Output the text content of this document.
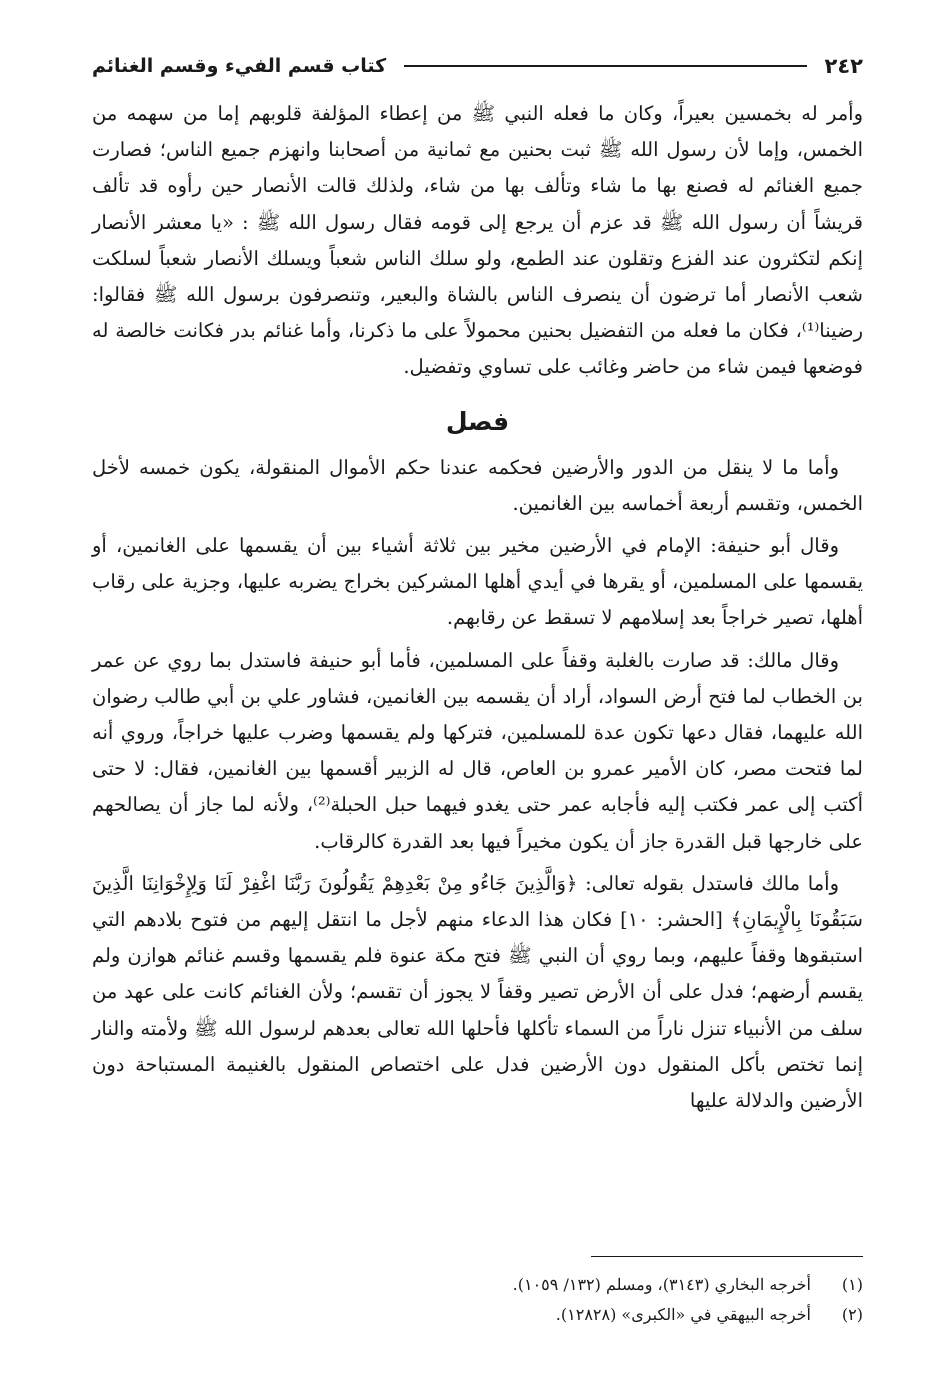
٢٤٢
كتاب قسم الفيء وقسم الغنائم

وأمر له بخمسين بعيراً، وكان ما فعله النبي ﷺ من إعطاء المؤلفة قلوبهم إما من سهمه من الخمس، وإما لأن رسول الله ﷺ ثبت بحنين مع ثمانية من أصحابنا وانهزم جميع الناس؛ فصارت جميع الغنائم له فصنع بها ما شاء وتألف بها من شاء، ولذلك قالت الأنصار حين رأوه قد تألف قريشاً أن رسول الله ﷺ قد عزم أن يرجع إلى قومه فقال رسول الله ﷺ : «يا معشر الأنصار إنكم لتكثرون عند الفزع وتقلون عند الطمع، ولو سلك الناس شعباً ويسلك الأنصار شعباً لسلكت شعب الأنصار أما ترضون أن ينصرف الناس بالشاة والبعير، وتنصرفون برسول الله ﷺ فقالوا: رضينا⁽¹⁾، فكان ما فعله من التفضيل بحنين محمولاً على ما ذكرنا، وأما غنائم بدر فكانت خالصة له فوضعها فيمن شاء من حاضر وغائب على تساوي وتفضيل.

فصل

وأما ما لا ينقل من الدور والأرضين فحكمه عندنا حكم الأموال المنقولة، يكون خمسه لأخل الخمس، وتقسم أربعة أخماسه بين الغانمين.

وقال أبو حنيفة: الإمام في الأرضين مخير بين ثلاثة أشياء بين أن يقسمها على الغانمين، أو يقسمها على المسلمين، أو يقرها في أيدي أهلها المشركين بخراج يضربه عليها، وجزية على رقاب أهلها، تصير خراجاً بعد إسلامهم لا تسقط عن رقابهم.

وقال مالك: قد صارت بالغلبة وقفاً على المسلمين، فأما أبو حنيفة فاستدل بما روي عن عمر بن الخطاب لما فتح أرض السواد، أراد أن يقسمه بين الغانمين، فشاور علي بن أبي طالب رضوان الله عليهما، فقال دعها تكون عدة للمسلمين، فتركها ولم يقسمها وضرب عليها خراجاً، وروي أنه لما فتحت مصر، كان الأمير عمرو بن العاص، قال له الزبير أقسمها بين الغانمين، فقال: لا حتى أكتب إلى عمر فكتب إليه فأجابه عمر حتى يغدو فيهما حبل الحبلة⁽²⁾، ولأنه لما جاز أن يصالحهم على خارجها قبل القدرة جاز أن يكون مخيراً فيها بعد القدرة كالرقاب.

وأما مالك فاستدل بقوله تعالى: ﴿وَالَّذِينَ جَاءُو مِنْ بَعْدِهِمْ يَقُولُونَ رَبَّنَا اغْفِرْ لَنَا وَلِإِخْوَانِنَا الَّذِينَ سَبَقُونَا بِالْإِيمَانِ﴾ [الحشر: ١٠] فكان هذا الدعاء منهم لأجل ما انتقل إليهم من فتوح بلادهم التي استبقوها وقفاً عليهم، وبما روي أن النبي ﷺ فتح مكة عنوة فلم يقسمها وقسم غنائم هوازن ولم يقسم أرضهم؛ فدل على أن الأرض تصير وقفاً لا يجوز أن تقسم؛ ولأن الغنائم كانت على عهد من سلف من الأنبياء تنزل ناراً من السماء تأكلها فأحلها الله تعالى بعدهم لرسول الله ﷺ ولأمته والنار إنما تختص بأكل المنقول دون الأرضين فدل على اختصاص المنقول بالغنيمة المستباحة دون الأرضين والدلالة عليها

(١)
أخرجه البخاري (٣١٤٣)، ومسلم (١٣٢/ ١٠٥٩).
(٢)
أخرجه البيهقي في «الكبرى» (١٢٨٢٨).
